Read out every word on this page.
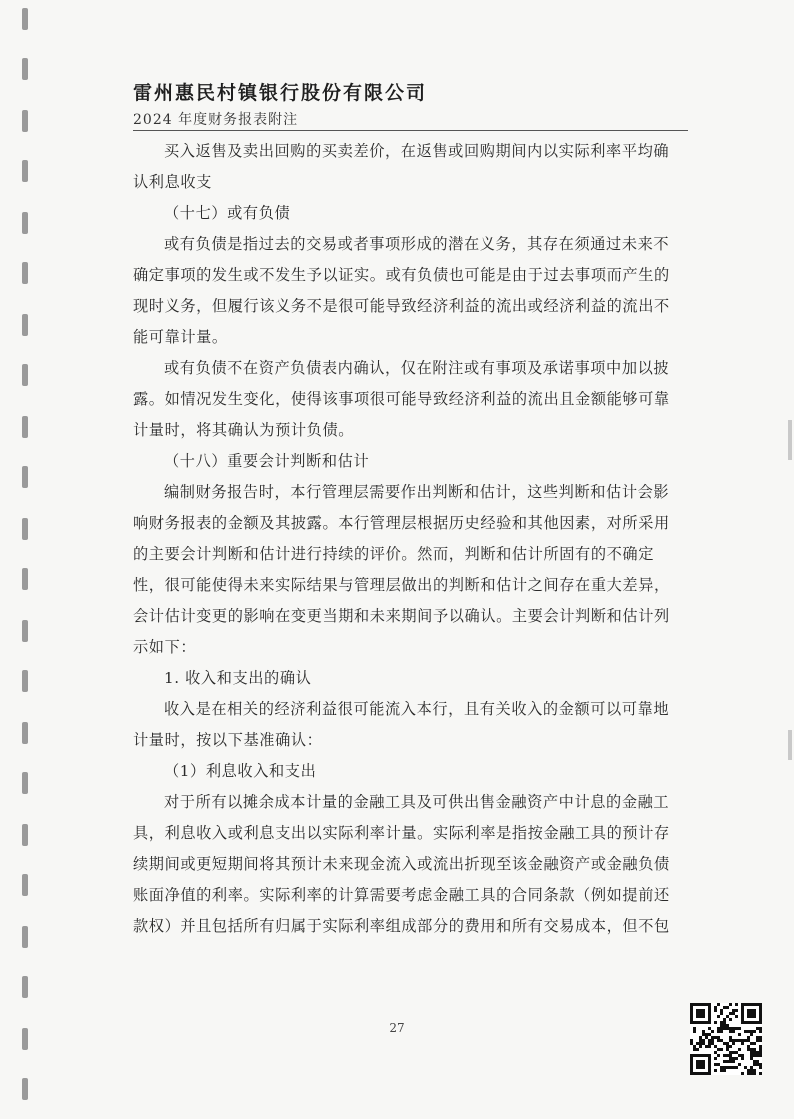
雷州惠民村镇银行股份有限公司
2024 年度财务报表附注
买入返售及卖出回购的买卖差价，在返售或回购期间内以实际利率平均确
认利息收支
（十七）或有负债
或有负债是指过去的交易或者事项形成的潜在义务，其存在须通过未来不
确定事项的发生或不发生予以证实。或有负债也可能是由于过去事项而产生的
现时义务，但履行该义务不是很可能导致经济利益的流出或经济利益的流出不
能可靠计量。
或有负债不在资产负债表内确认，仅在附注或有事项及承诺事项中加以披
露。如情况发生变化，使得该事项很可能导致经济利益的流出且金额能够可靠
计量时，将其确认为预计负债。
（十八）重要会计判断和估计
编制财务报告时，本行管理层需要作出判断和估计，这些判断和估计会影
响财务报表的金额及其披露。本行管理层根据历史经验和其他因素，对所采用
的主要会计判断和估计进行持续的评价。然而，判断和估计所固有的不确定
性，很可能使得未来实际结果与管理层做出的判断和估计之间存在重大差异，
会计估计变更的影响在变更当期和未来期间予以确认。主要会计判断和估计列
示如下：
1. 收入和支出的确认
收入是在相关的经济利益很可能流入本行，且有关收入的金额可以可靠地
计量时，按以下基准确认：
（1）利息收入和支出
对于所有以摊余成本计量的金融工具及可供出售金融资产中计息的金融工
具，利息收入或利息支出以实际利率计量。实际利率是指按金融工具的预计存
续期间或更短期间将其预计未来现金流入或流出折现至该金融资产或金融负债
账面净值的利率。实际利率的计算需要考虑金融工具的合同条款（例如提前还
款权）并且包括所有归属于实际利率组成部分的费用和所有交易成本，但不包
27
